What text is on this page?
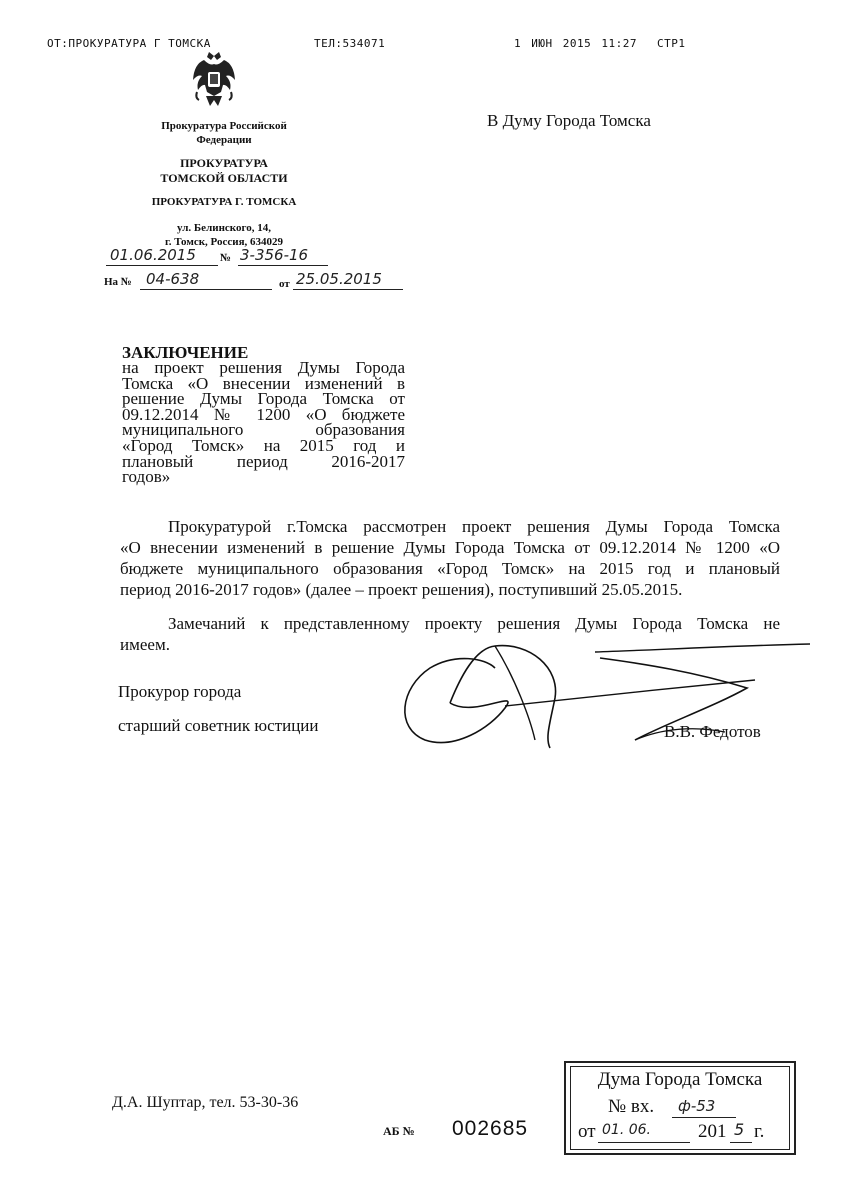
ОТ:ПРОКУРАТУРА Г ТОМСКА	ТЕЛ:534071	1 ИЮН 2015 11:27 СТР1
Прокуратура Российской Федерации
ПРОКУРАТУРА
ТОМСКОЙ ОБЛАСТИ
ПРОКУРАТУРА Г. ТОМСКА
ул. Белинского, 14,
г. Томск, Россия, 634029
01.06.2015 № 3-356-16
На № 04-638	от 25.05.2015
В Думу Города Томска
ЗАКЛЮЧЕНИЕ
на проект решения Думы Города
Томска «О внесении изменений в
решение Думы Города Томска от
09.12.2014 № 1200 «О бюджете
муниципального образования
«Город Томск» на 2015 год и
плановый период 2016-2017
годов»
Прокуратурой г.Томска рассмотрен проект решения Думы Города Томска
«О внесении изменений в решение Думы Города Томска от 09.12.2014 № 1200 «О
бюджете муниципального образования «Город Томск» на 2015 год и плановый
период 2016-2017 годов» (далее – проект решения), поступивший 25.05.2015.
Замечаний к представленному проекту решения Думы Города Томска не
имеем.
Прокурор города
старший советник юстиции	В.В. Федотов
Д.А. Шуптар, тел. 53-30-36
АБ № 002685
Дума Города Томска
№ вх. ф-53
от 01. 06. 201 5 г.
